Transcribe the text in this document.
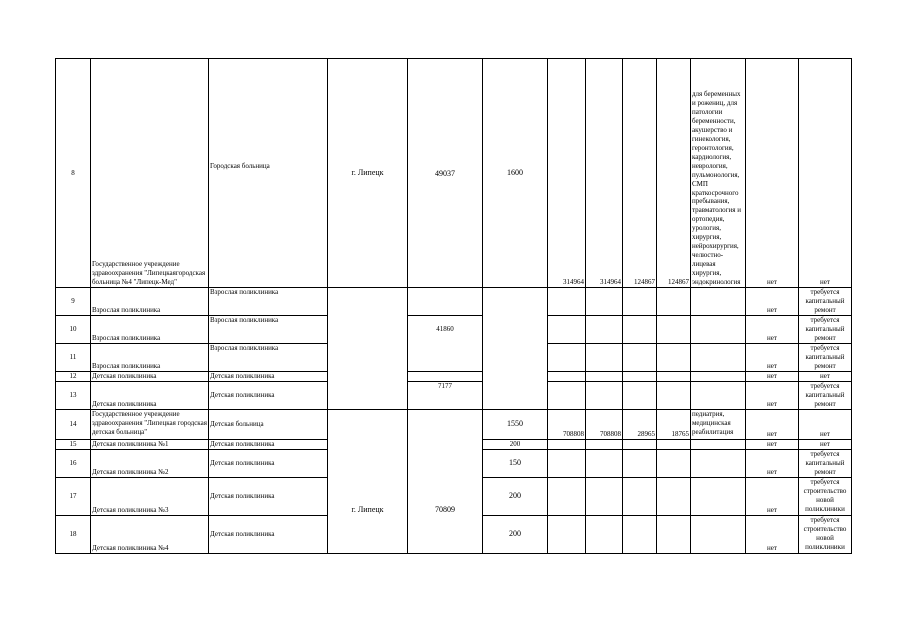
8	Государственное учреждение здравоохранения "Липецкаягородская больница №4 "Липецк-Мед"	Городская больница	г. Липецк	49037	1600	314964	314964	124867	124867	для беременных и рожениц, для патологии беременности, акушерство и гинекология, геронтология, кардиология, неврология, пульмонология, СМП краткосрочного пребывания, травматология и ортопедия, урология, хирургия, нейрохирургия, челюстно-лицевая хирургия, эндокринология	нет	нет
9	Взрослая поликлиника	Взрослая поликлиника									нет	требуется капитальный ремонт
10	Взрослая поликлиника	Взрослая поликлиника		41860							нет	требуется капитальный ремонт
11	Взрослая поликлиника	Взрослая поликлиника									нет	требуется капитальный ремонт
12	Детская поликлиника	Детская поликлиника									нет	нет
13	Детская поликлиника	Детская поликлиника		7177							нет	требуется капитальный ремонт
14	Государственное учреждение здравоохранения "Липецкая городская детская больница"	Детская больница			1550	708808	708808	28965	18765	педиатрия, медицинская реабилитация	нет	нет
15	Детская поликлиника №1	Детская поликлиника			200						нет	нет
16	Детская поликлиника №2	Детская поликлиника			150						нет	требуется капитальный ремонт
17	Детская поликлиника №3	Детская поликлиника	г. Липецк	70809	200						нет	требуется строительство новой поликлиники
18	Детская поликлиника №4	Детская поликлиника			200						нет	требуется строительство новой поликлиники
